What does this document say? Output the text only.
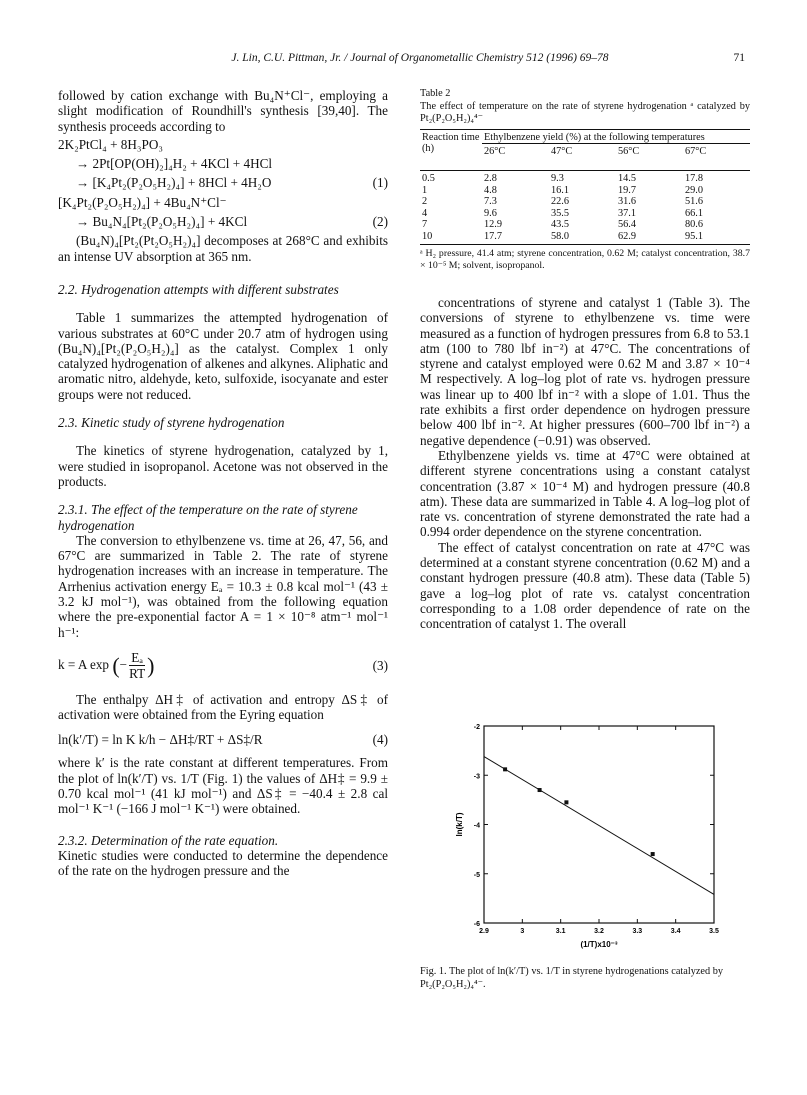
J. Lin, C.U. Pittman, Jr. / Journal of Organometallic Chemistry 512 (1996) 69–78	71

followed by cation exchange with Bu₄N⁺Cl⁻, employing a slight modification of Roundhill's synthesis [39,40]. The synthesis proceeds according to

2K₂PtCl₄ + 8H₃PO₃
→ 2Pt[OP(OH)₂]₄H₂ + 4KCl + 4HCl
→ [K₄Pt₂(P₂O₅H₂)₄] + 8HCl + 4H₂O	(1)
[K₄Pt₂(P₂O₅H₂)₄] + 4Bu₄N⁺Cl⁻
→ Bu₄N₄[Pt₂(P₂O₅H₂)₄] + 4KCl	(2)

(Bu₄N)₄[Pt₂(Pt₂O₅H₂)₄] decomposes at 268°C and exhibits an intense UV absorption at 365 nm.

2.2. Hydrogenation attempts with different substrates

Table 1 summarizes the attempted hydrogenation of various substrates at 60°C under 20.7 atm of hydrogen using (Bu₄N)₄[Pt₂(P₂O₅H₂)₄] as the catalyst. Complex 1 only catalyzed hydrogenation of alkenes and alkynes. Aliphatic and aromatic nitro, aldehyde, keto, sulfoxide, isocyanate and ester groups were not reduced.

2.3. Kinetic study of styrene hydrogenation

The kinetics of styrene hydrogenation, catalyzed by 1, were studied in isopropanol. Acetone was not observed in the products.

2.3.1. The effect of the temperature on the rate of styrene hydrogenation

The conversion to ethylbenzene vs. time at 26, 47, 56, and 67°C are summarized in Table 2. The rate of styrene hydrogenation increases with an increase in temperature. The Arrhenius activation energy Eₐ = 10.3 ± 0.8 kcal mol⁻¹ (43 ± 3.2 kJ mol⁻¹), was obtained from the following equation where the pre-exponential factor A = 1 × 10⁻⁸ atm⁻¹ mol⁻¹ h⁻¹:

k = A exp (− $\frac{\text{Eₐ}}{RT}$ )	(3)

The enthalpy ΔH‡ of activation and entropy ΔS‡ of activation were obtained from the Eyring equation

ln(k′/T) = ln K k/h − ΔH‡/RT + ΔS‡/R	(4)

where k′ is the rate constant at different temperatures. From the plot of ln(k′/T) vs. 1/T (Fig. 1) the values of ΔH‡ = 9.9 ± 0.70 kcal mol⁻¹ (41 kJ mol⁻¹) and ΔS‡ = −40.4 ± 2.8 cal mol⁻¹ K⁻¹ (−166 J mol⁻¹ K⁻¹) were obtained.

2.3.2. Determination of the rate equation.

Kinetic studies were conducted to determine the dependence of the rate on the hydrogen pressure and the

Table 2
The effect of temperature on the rate of styrene hydrogenation ᵃ catalyzed by Pt₂(P₂O₅H₂)₄⁴⁻
Reaction time (h)	Ethylbenzene yield (%) at the following temperatures			
	26°C	47°C	56°C	67°C
0.5	2.8	9.3	14.5	17.8
1	4.8	16.1	19.7	29.0
2	7.3	22.6	31.6	51.6
4	9.6	35.5	37.1	66.1
7	12.9	43.5	56.4	80.6
10	17.7	58.0	62.9	95.1
ᵃ H₂ pressure, 41.4 atm; styrene concentration, 0.62 M; catalyst concentration, 38.7 × 10⁻⁵ M; solvent, isopropanol.

concentrations of styrene and catalyst 1 (Table 3). The conversions of styrene to ethylbenzene vs. time were measured as a function of hydrogen pressures from 6.8 to 53.1 atm (100 to 780 lbf in⁻²) at 47°C. The concentrations of styrene and catalyst employed were 0.62 M and 3.87 × 10⁻⁴ M respectively. A log–log plot of rate vs. hydrogen pressure was linear up to 400 lbf in⁻² with a slope of 1.01. Thus the rate exhibits a first order dependence on hydrogen pressure below 400 lbf in⁻². At higher pressures (600–700 lbf in⁻²) a negative dependence (−0.91) was observed.

Ethylbenzene yields vs. time at 47°C were obtained at different styrene concentrations using a constant catalyst concentration (3.87 × 10⁻⁴ M) and hydrogen pressure (40.8 atm). These data are summarized in Table 4. A log–log plot of rate vs. concentration of styrene demonstrated the rate had a 0.994 order dependence on the styrene concentration.

The effect of catalyst concentration on rate at 47°C was determined at a constant styrene concentration (0.62 M) and a constant hydrogen pressure (40.8 atm). These data (Table 5) gave a log–log plot of rate vs. catalyst concentration corresponding to a 1.08 order dependence of rate on the concentration of catalyst 1. The overall

2.9	3	3.1	3.2	3.3	3.4	3.5
-2
-3
-4
-5
-6
(1/T)x10⁻³
ln(k/T)
Fig. 1. The plot of ln(k′/T) vs. 1/T in styrene hydrogenations catalyzed by Pt₂(P₂O₅H₂)₄⁴⁻.
